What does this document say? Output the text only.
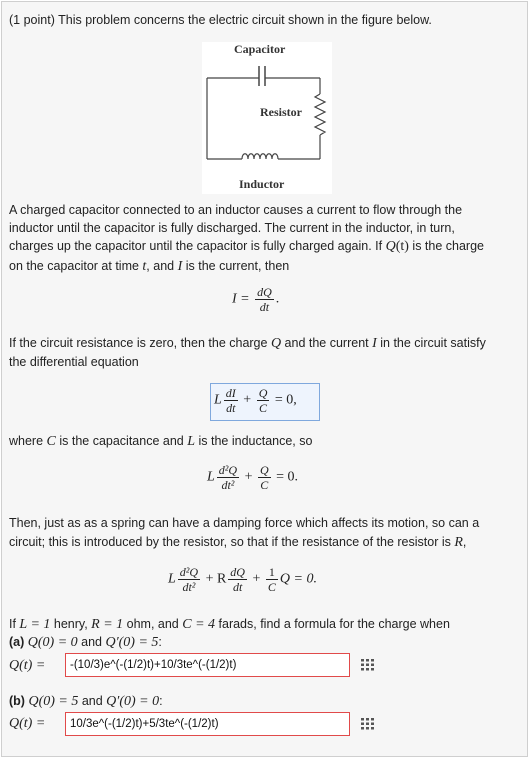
(1 point) This problem concerns the electric circuit shown in the figure below.
Capacitor
Resistor
Inductor
A charged capacitor connected to an inductor causes a current to flow through the
inductor until the capacitor is fully discharged. The current in the inductor, in turn,
charges up the capacitor until the capacitor is fully charged again. If Q(t) is the charge
on the capacitor at time t, and I is the current, then
$I = \frac{dQ}{dt}$ .
If the circuit resistance is zero, then the charge Q and the current I in the circuit satisfy
the differential equation
L $\frac{dI}{dt} + \frac{Q}{C} = 0$,
where C is the capacitance and L is the inductance, so
L $\frac{\text{d²Q}}{\text{dt²}} + \frac{Q}{C} = 0$.
Then, just as as a spring can have a damping force which affects its motion, so can a
circuit; this is introduced by the resistor, so that if the resistance of the resistor is R,
L $\frac{\text{d²Q}}{\text{dt²}} + R \frac{dQ}{dt} + \frac{1}{C}$ Q = 0.
If L = 1 henry, R = 1 ohm, and C = 4 farads, find a formula for the charge when
(a) Q(0) = 0 and Q′(0) = 5:
Q(t) =	-(10/3)e^(-(1/2)t)+10/3te^(-(1/2)t)
(b) Q(0) = 5 and Q′(0) = 0:
Q(t) =	10/3e^(-(1/2)t)+5/3te^(-(1/2)t)
